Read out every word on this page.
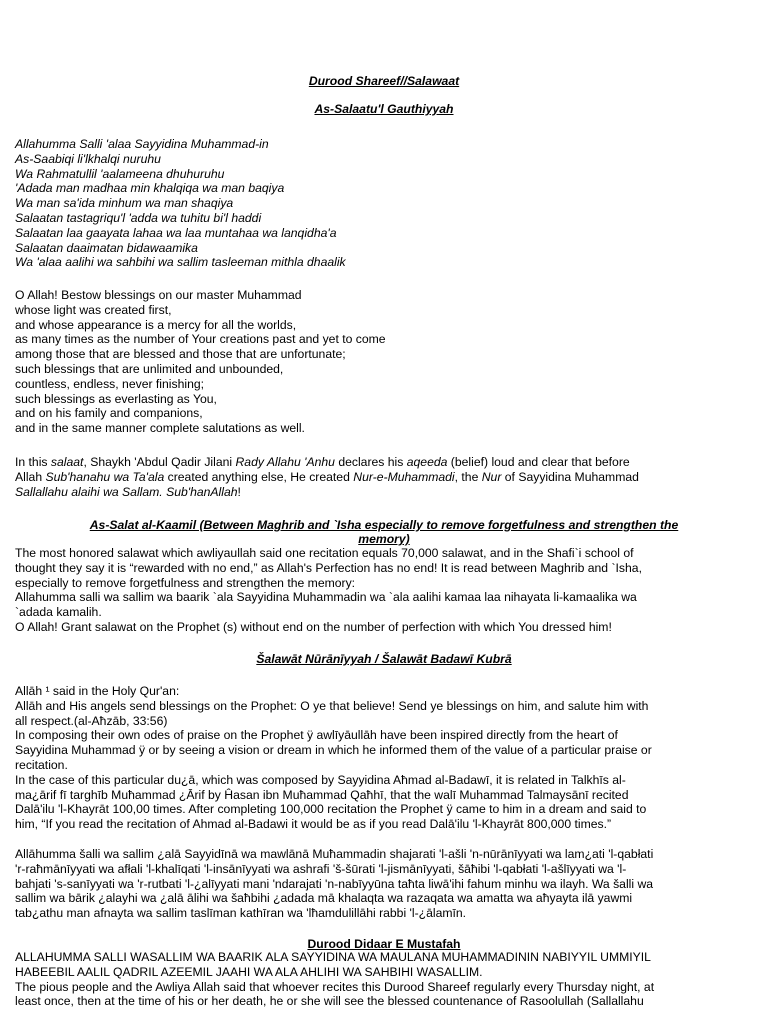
Durood Shareef//Salawaat
As-Salaatu'l Gauthiyyah
Allahumma Salli 'alaa Sayyidina Muhammad-in
As-Saabiqi li'lkhalqi nuruhu
Wa Rahmatullil 'aalameena dhuhuruhu
'Adada man madhaa min khalqiqa wa man baqiya
Wa man sa'ida minhum wa man shaqiya
Salaatan tastagriqu'l 'adda wa tuhitu bi'l haddi
Salaatan laa gaayata lahaa wa laa muntahaa wa lanqidha'a
Salaatan daaimatan bidawaamika
Wa 'alaa aalihi wa sahbihi wa sallim tasleeman mithla dhaalik
O Allah! Bestow blessings on our master Muhammad
whose light was created first,
and whose appearance is a mercy for all the worlds,
as many times as the number of Your creations past and yet to come
among those that are blessed and those that are unfortunate;
such blessings that are unlimited and unbounded,
countless, endless, never finishing;
such blessings as everlasting as You,
and on his family and companions,
and in the same manner complete salutations as well.
In this salaat, Shaykh 'Abdul Qadir Jilani Rady Allahu 'Anhu declares his aqeeda (belief) loud and clear that before
Allah Sub'hanahu wa Ta'ala created anything else, He created Nur-e-Muhammadi, the Nur of Sayyidina Muhammad
Sallallahu alaihi wa Sallam. Sub'hanAllah!
As-Salat al-Kaamil (Between Maghrib and `Isha especially to remove forgetfulness and strengthen the
memory)
The most honored salawat which awliyaullah said one recitation equals 70,000 salawat, and in the Shafi`i school of
thought they say it is “rewarded with no end,” as Allah's Perfection has no end! It is read between Maghrib and `Isha,
especially to remove forgetfulness and strengthen the memory:
Allahumma salli wa sallim wa baarik `ala Sayyidina Muhammadin wa `ala aalihi kamaa laa nihayata li-kamaalika wa
`adada kamalih.
O Allah! Grant salawat on the Prophet (s) without end on the number of perfection with which You dressed him!
Šalawāt Nūrānīyyah / Šalawāt Badawī Kubrā
Allāh ¹ said in the Holy Qur'an:
Allāh and His angels send blessings on the Prophet: O ye that believe! Send ye blessings on him, and salute him with
all respect.(al-Aħzāb, 33:56)
In composing their own odes of praise on the Prophet ÿ awlīyāullāh have been inspired directly from the heart of
Sayyidina Muhammad ÿ or by seeing a vision or dream in which he informed them of the value of a particular praise or
recitation.
In the case of this particular du¿ā, which was composed by Sayyidina Aħmad al-Badawī, it is related in Talkhīs al-
ma¿ārif fī targhīb Muħammad ¿Ārif by Ĥasan ibn Muħammad Qaħhī, that the walī Muhammad Talmaysānī recited
Dalā'ilu 'l-Khayrāt 100,00 times. After completing 100,000 recitation the Prophet ÿ came to him in a dream and said to
him, “If you read the recitation of Ahmad al-Badawi it would be as if you read Dalā'ilu 'l-Khayrāt 800,000 times.”
Allāhumma šalli wa sallim ¿alā Sayyidīnā wa mawlānā Muħammadin shajarati 'l-ašli 'n-nūrānīyyati wa lam¿ati 'l-qabłati
'r-raħmānīyyati wa afłali 'l-khalīqati 'l-insānīyyati wa ashrafi 'š-šūrati 'l-jismānīyyati, šāħibi 'l-qabłati 'l-ašlīyyati wa 'l-
bahjati 's-sanīyyati wa 'r-rutbati 'l-¿alīyyati mani 'ndarajati 'n-nabīyyūna taħta liwā'ihi fahum minhu wa ilayh. Wa šalli wa
sallim wa bārik ¿alayhi wa ¿alā ālihi wa šaħbihi ¿adada mā khalaqta wa razaqata wa amatta wa aħyayta ilā yawmi
tab¿athu man afnayta wa sallim taslīman kathīran wa 'lħamdulillāhi rabbi 'l-¿ālamīn.
Durood Didaar E Mustafah
ALLAHUMMA SALLI WASALLIM WA BAARIK ALA SAYYIDINA WA MAULANA MUHAMMADININ NABIYYIL UMMIYIL
HABEEBIL AALIL QADRIL AZEEMIL JAAHI WA ALA AHLIHI WA SAHBIHI WASALLIM.
The pious people and the Awliya Allah said that whoever recites this Durood Shareef regularly every Thursday night, at
least once, then at the time of his or her death, he or she will see the blessed countenance of Rasoolullah (Sallallahu
